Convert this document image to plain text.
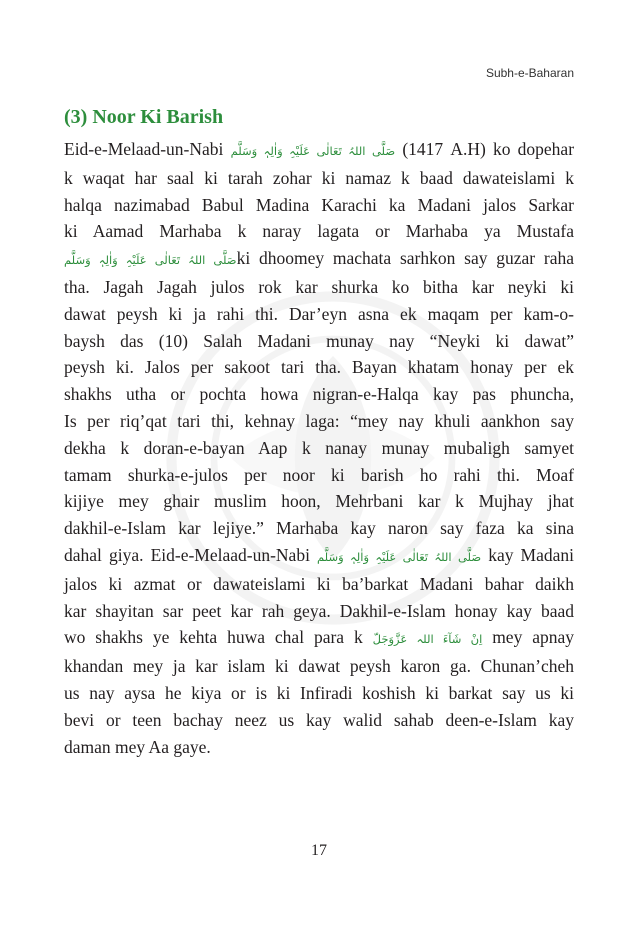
Subh-e-Baharan
(3) Noor Ki Barish
Eid-e-Melaad-un-Nabi صَلَّی اللہُ تَعَالٰی عَلَیْہِ وَاٰلِہٖ وَسَلَّم (1417 A.H) ko dopehar
k waqat har saal ki tarah zohar ki namaz k baad dawateislami k
halqa nazimabad Babul Madina Karachi ka Madani jalos Sarkar
ki Aamad Marhaba k naray lagata or Marhaba ya Mustafa
صَلَّی اللہُ تَعَالٰی عَلَیْہِ وَاٰلِہٖ وَسَلَّمki dhoomey machata sarhkon say guzar raha
tha. Jagah Jagah julos rok kar shurka ko bitha kar neyki ki
dawat peysh ki ja rahi thi. Dar’eyn asna ek maqam per kam-o-
baysh das (10) Salah Madani munay nay “Neyki ki dawat”
peysh ki. Jalos per sakoot tari tha. Bayan khatam honay per ek
shakhs utha or pochta howa nigran-e-Halqa kay pas phuncha,
Is per riq’qat tari thi, kehnay laga: “mey nay khuli aankhon say
dekha k doran-e-bayan Aap k nanay munay mubaligh samyet
tamam shurka-e-julos per noor ki barish ho rahi thi. Moaf
kijiye mey ghair muslim hoon, Mehrbani kar k Mujhay jhat
dakhil-e-Islam kar lejiye.” Marhaba kay naron say faza ka sina
dahal giya. Eid-e-Melaad-un-Nabi صَلَّی اللہُ تَعَالٰی عَلَیْہِ وَاٰلِہٖ وَسَلَّم kay Madani
jalos ki azmat or dawateislami ki ba’barkat Madani bahar daikh
kar shayitan sar peet kar rah geya. Dakhil-e-Islam honay kay baad
wo shakhs ye kehta huwa chal para k اِنْ شَآءَ اللہ عَزَّوَجَلّ mey apnay
khandan mey ja kar islam ki dawat peysh karon ga. Chunan’cheh
us nay aysa he kiya or is ki Infiradi koshish ki barkat say us ki
bevi or teen bachay neez us kay walid sahab deen-e-Islam kay
daman mey Aa gaye.
17
